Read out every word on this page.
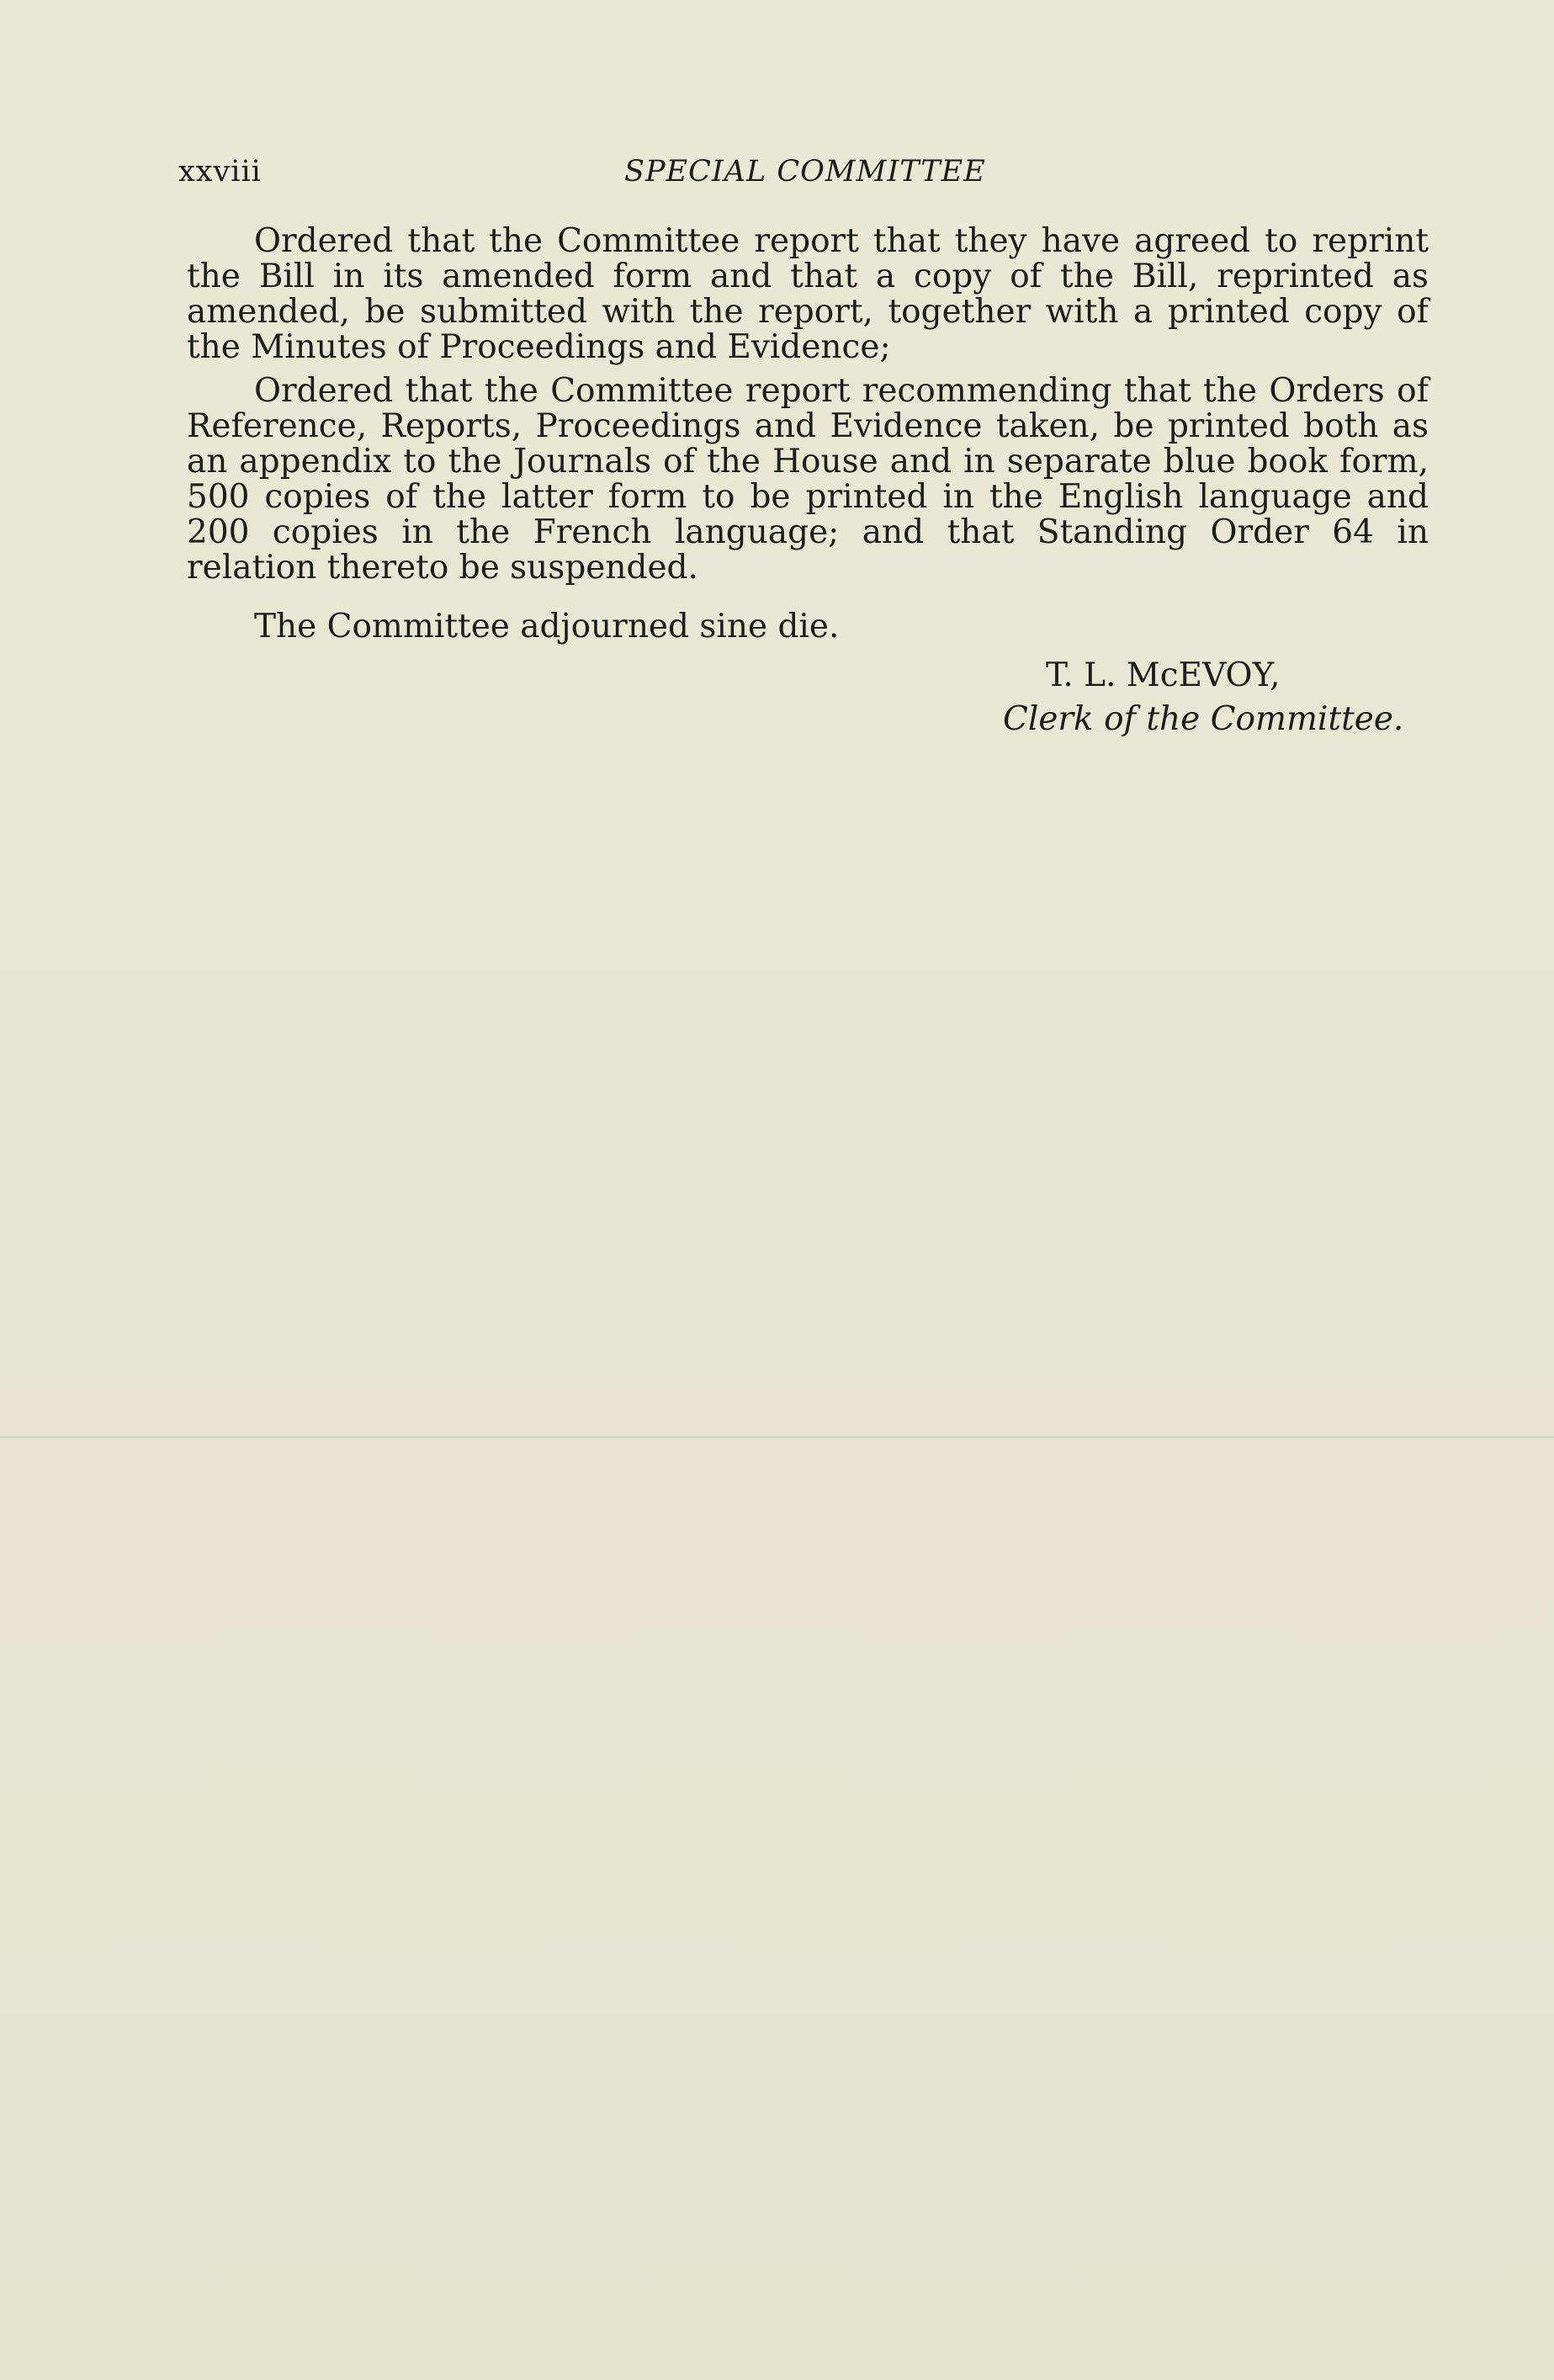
xxviii	SPECIAL COMMITTEE

Ordered that the Committee report that they have agreed to reprint the Bill in its amended form and that a copy of the Bill, reprinted as amended, be submitted with the report, together with a printed copy of the Minutes of Proceedings and Evidence;

Ordered that the Committee report recommending that the Orders of Reference, Reports, Proceedings and Evidence taken, be printed both as an appendix to the Journals of the House and in separate blue book form, 500 copies of the latter form to be printed in the English language and 200 copies in the French language; and that Standing Order 64 in relation thereto be suspended.

The Committee adjourned sine die.

T. L. McEVOY,
Clerk of the Committee.
